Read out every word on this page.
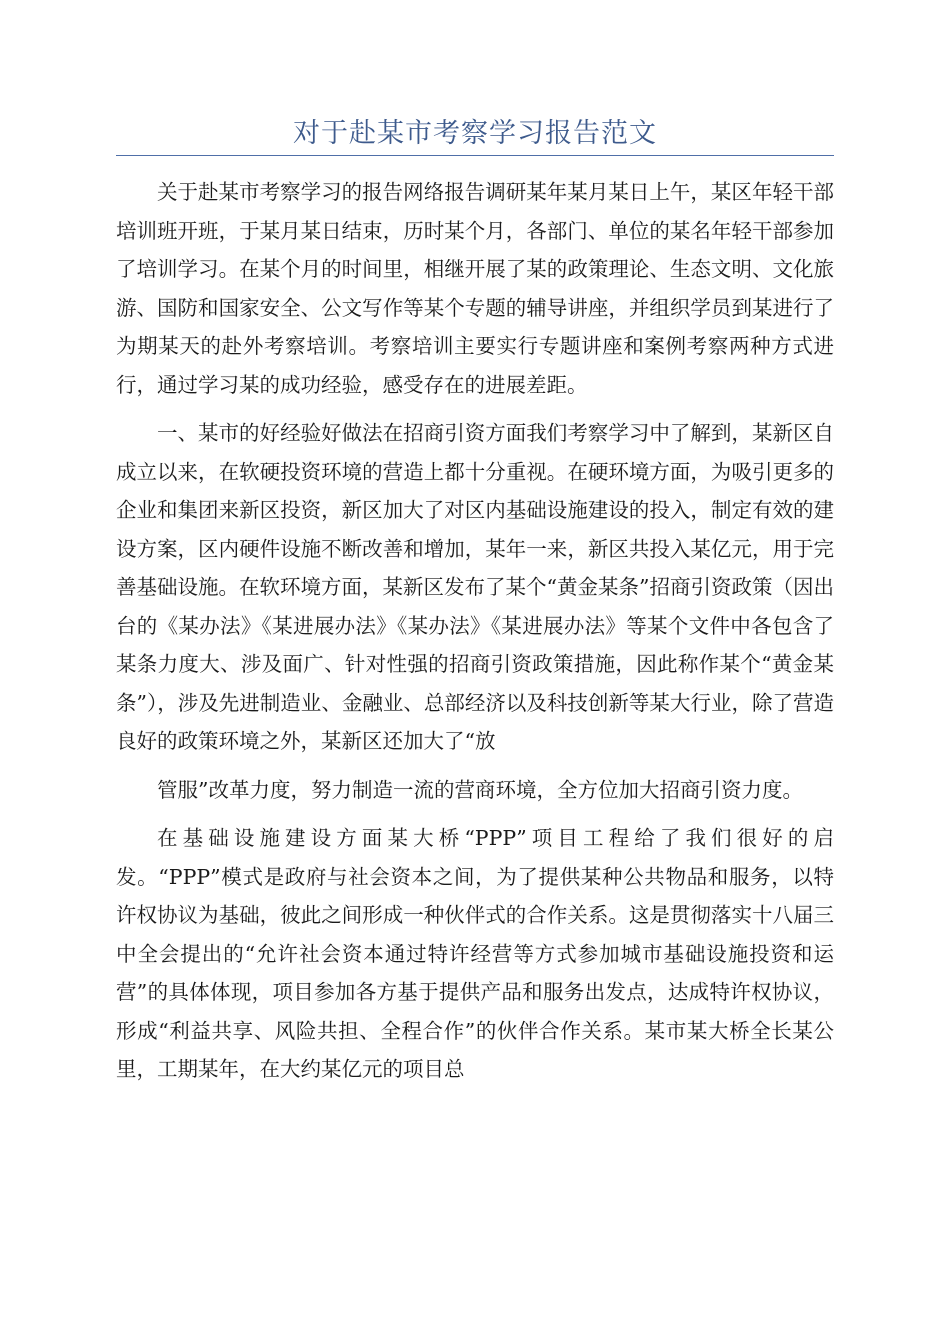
对于赴某市考察学习报告范文

关于赴某市考察学习的报告网络报告调研某年某月某日上午，某区年轻干部培训班开班，于某月某日结束，历时某个月，各部门、单位的某名年轻干部参加了培训学习。在某个月的时间里，相继开展了某的政策理论、生态文明、文化旅游、国防和国家安全、公文写作等某个专题的辅导讲座，并组织学员到某进行了为期某天的赴外考察培训。考察培训主要实行专题讲座和案例考察两种方式进行，通过学习某的成功经验，感受存在的进展差距。

一、某市的好经验好做法在招商引资方面我们考察学习中了解到，某新区自成立以来，在软硬投资环境的营造上都十分重视。在硬环境方面，为吸引更多的企业和集团来新区投资，新区加大了对区内基础设施建设的投入，制定有效的建设方案，区内硬件设施不断改善和增加，某年一来，新区共投入某亿元，用于完善基础设施。在软环境方面，某新区发布了某个“黄金某条”招商引资政策（因出台的《某办法》《某进展办法》《某办法》《某进展办法》等某个文件中各包含了某条力度大、涉及面广、针对性强的招商引资政策措施，因此称作某个“黄金某条”），涉及先进制造业、金融业、总部经济以及科技创新等某大行业，除了营造良好的政策环境之外，某新区还加大了“放

管服”改革力度，努力制造一流的营商环境，全方位加大招商引资力度。

在基础设施建设方面某大桥“PPP”项目工程给了我们很好的启发。“PPP”模式是政府与社会资本之间，为了提供某种公共物品和服务，以特许权协议为基础，彼此之间形成一种伙伴式的合作关系。这是贯彻落实十八届三中全会提出的“允许社会资本通过特许经营等方式参加城市基础设施投资和运营”的具体体现，项目参加各方基于提供产品和服务出发点，达成特许权协议，形成“利益共享、风险共担、全程合作”的伙伴合作关系。某市某大桥全长某公里，工期某年，在大约某亿元的项目总
